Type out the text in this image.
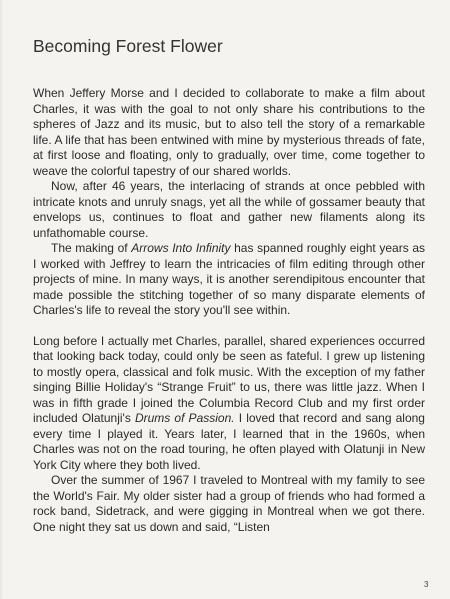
Becoming Forest Flower

When Jeffery Morse and I decided to collaborate to make a film about Charles, it was with the goal to not only share his contributions to the spheres of Jazz and its music, but to also tell the story of a remarkable life. A life that has been entwined with mine by mysterious threads of fate, at first loose and floating, only to gradually, over time, come together to weave the colorful tapestry of our shared worlds.

Now, after 46 years, the interlacing of strands at once pebbled with intricate knots and unruly snags, yet all the while of gossamer beauty that envelops us, continues to float and gather new filaments along its unfathomable course.

The making of Arrows Into Infinity has spanned roughly eight years as I worked with Jeffrey to learn the intricacies of film editing through other projects of mine. In many ways, it is another serendipitous encounter that made possible the stitching together of so many disparate elements of Charles's life to reveal the story you'll see within.

Long before I actually met Charles, parallel, shared experiences occurred that looking back today, could only be seen as fateful. I grew up listening to mostly opera, classical and folk music. With the exception of my father singing Billie Holiday's “Strange Fruit” to us, there was little jazz. When I was in fifth grade I joined the Columbia Record Club and my first order included Olatunji's Drums of Passion. I loved that record and sang along every time I played it. Years later, I learned that in the 1960s, when Charles was not on the road touring, he often played with Olatunji in New York City where they both lived.

Over the summer of 1967 I traveled to Montreal with my family to see the World's Fair. My older sister had a group of friends who had formed a rock band, Sidetrack, and were gigging in Montreal when we got there. One night they sat us down and said, “Listen

3
